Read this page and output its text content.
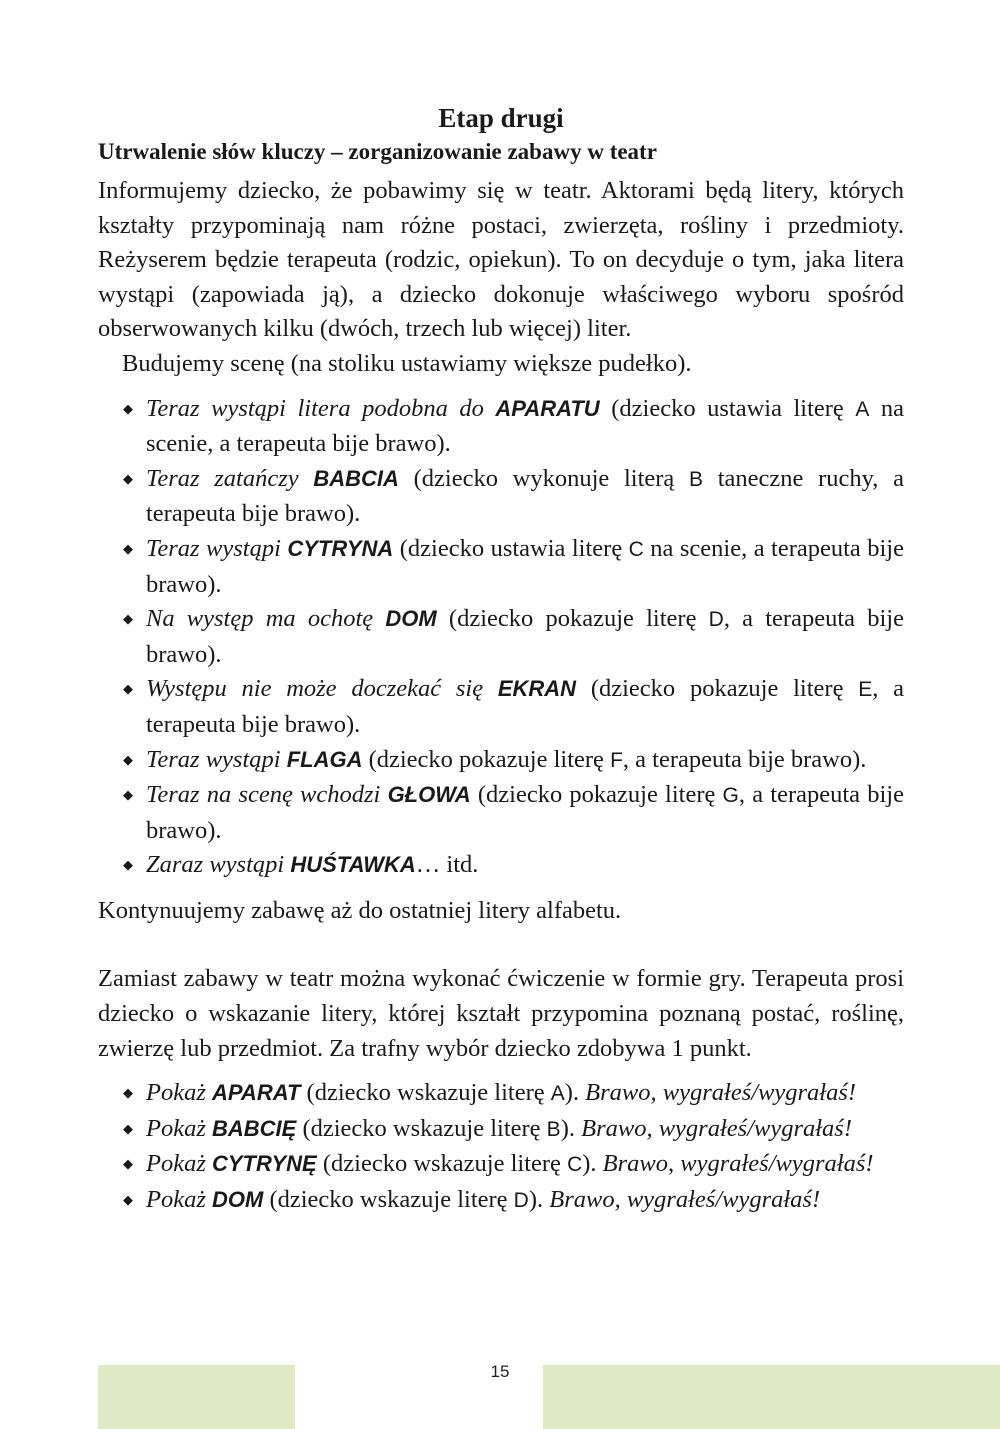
Etap drugi
Utrwalenie słów kluczy – zorganizowanie zabawy w teatr

Informujemy dziecko, że pobawimy się w teatr. Aktorami będą litery, których kształty przypominają nam różne postaci, zwierzęta, rośliny i przedmioty. Reżyserem będzie terapeuta (rodzic, opiekun). To on decyduje o tym, jaka litera wystąpi (zapowiada ją), a dziecko dokonuje właściwego wyboru spośród obserwowanych kilku (dwóch, trzech lub więcej) liter.

Budujemy scenę (na stoliku ustawiamy większe pudełko).

◆ Teraz wystąpi litera podobna do APARATU (dziecko ustawia literę A na scenie, a terapeuta bije brawo).
◆ Teraz zatańczy BABCIA (dziecko wykonuje literą B taneczne ruchy, a terapeuta bije brawo).
◆ Teraz wystąpi CYTRYNA (dziecko ustawia literę C na scenie, a terapeuta bije brawo).
◆ Na występ ma ochotę DOM (dziecko pokazuje literę D, a terapeuta bije brawo).
◆ Występu nie może doczekać się EKRAN (dziecko pokazuje literę E, a terapeuta bije brawo).
◆ Teraz wystąpi FLAGA (dziecko pokazuje literę F, a terapeuta bije brawo).
◆ Teraz na scenę wchodzi GŁOWA (dziecko pokazuje literę G, a terapeuta bije brawo).
◆ Zaraz wystąpi HUŚTAWKA… itd.

Kontynuujemy zabawę aż do ostatniej litery alfabetu.

Zamiast zabawy w teatr można wykonać ćwiczenie w formie gry. Terapeuta prosi dziecko o wskazanie litery, której kształt przypomina poznaną postać, roślinę, zwierzę lub przedmiot. Za trafny wybór dziecko zdobywa 1 punkt.

◆ Pokaż APARAT (dziecko wskazuje literę A). Brawo, wygrałeś/wygrałaś!
◆ Pokaż BABCIĘ (dziecko wskazuje literę B). Brawo, wygrałeś/wygrałaś!
◆ Pokaż CYTRYNĘ (dziecko wskazuje literę C). Brawo, wygrałeś/wygrałaś!
◆ Pokaż DOM (dziecko wskazuje literę D). Brawo, wygrałeś/wygrałaś!
15
